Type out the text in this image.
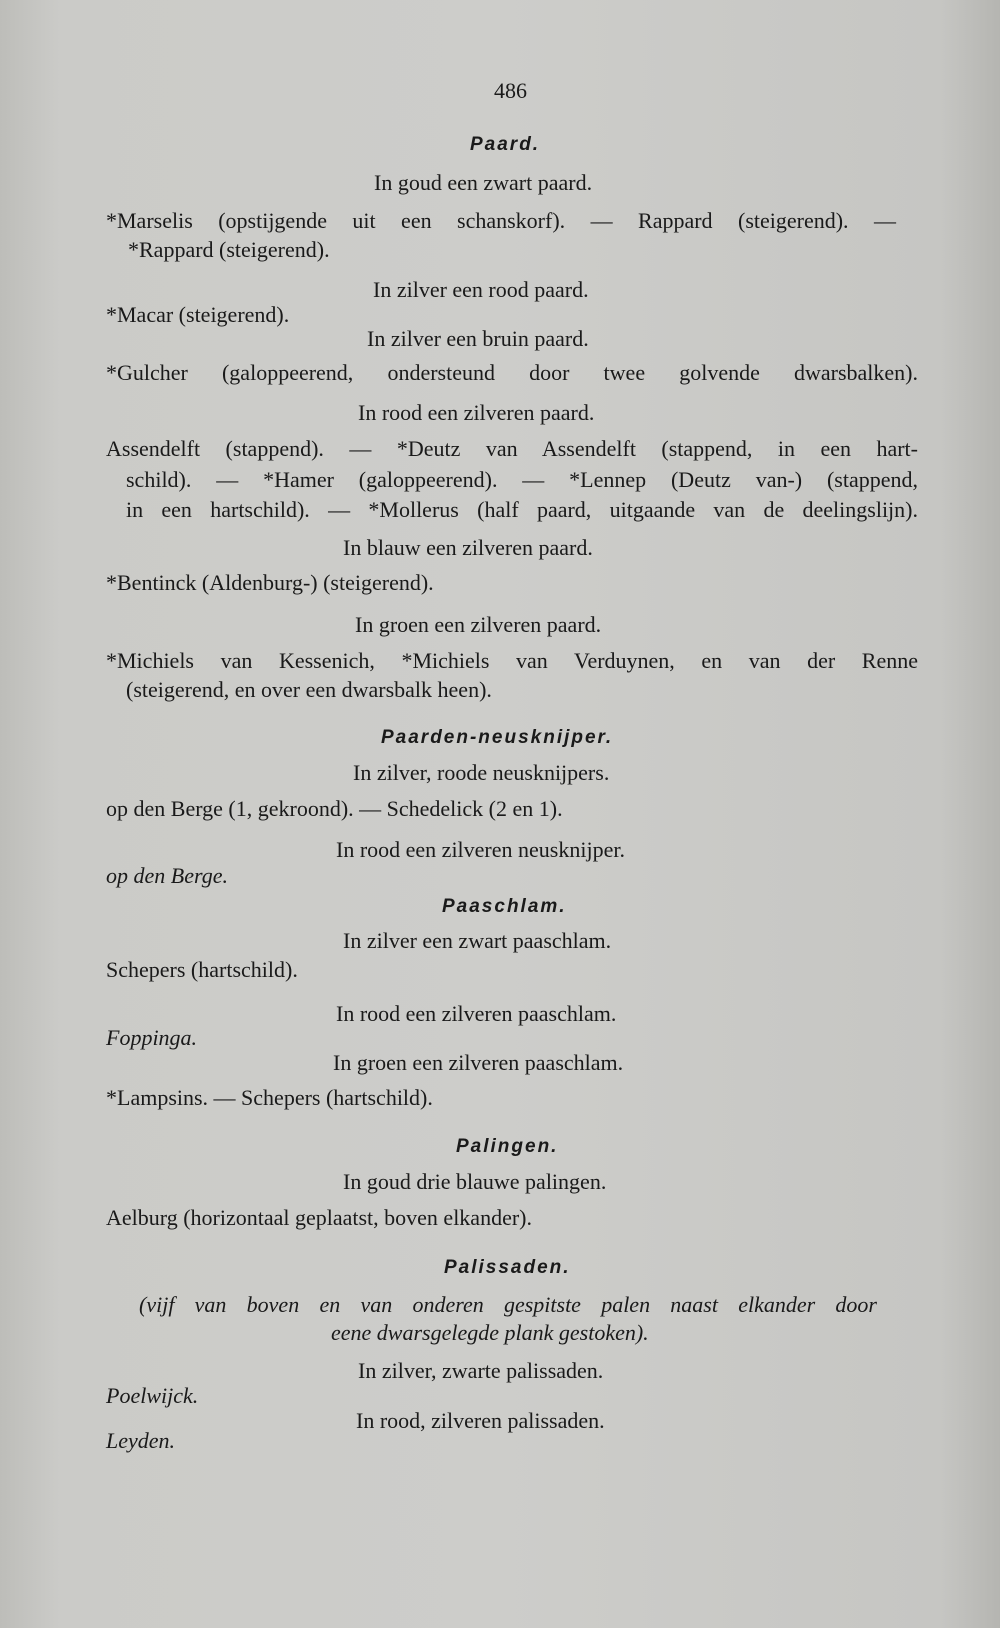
486
Paard.
In goud een zwart paard.
*Marselis (opstijgende uit een schanskorf). — Rappard (steigerend). —
*Rappard (steigerend).
In zilver een rood paard.
*Macar (steigerend).
In zilver een bruin paard.
*Gulcher (galoppeerend, ondersteund door twee golvende dwarsbalken).
In rood een zilveren paard.
Assendelft (stappend). — *Deutz van Assendelft (stappend, in een hart-
schild). — *Hamer (galoppeerend). — *Lennep (Deutz van-) (stappend,
in een hartschild). — *Mollerus (half paard, uitgaande van de deelingslijn).
In blauw een zilveren paard.
*Bentinck (Aldenburg-) (steigerend).
In groen een zilveren paard.
*Michiels van Kessenich, *Michiels van Verduynen, en van der Renne
(steigerend, en over een dwarsbalk heen).
Paarden-neusknijper.
In zilver, roode neusknijpers.
op den Berge (1, gekroond). — Schedelick (2 en 1).
In rood een zilveren neusknijper.
op den Berge.
Paaschlam.
In zilver een zwart paaschlam.
Schepers (hartschild).
In rood een zilveren paaschlam.
Foppinga.
In groen een zilveren paaschlam.
*Lampsins. — Schepers (hartschild).
Palingen.
In goud drie blauwe palingen.
Aelburg (horizontaal geplaatst, boven elkander).
Palissaden.
(vijf van boven en van onderen gespitste palen naast elkander door
eene dwarsgelegde plank gestoken).
In zilver, zwarte palissaden.
Poelwijck.
In rood, zilveren palissaden.
Leyden.
